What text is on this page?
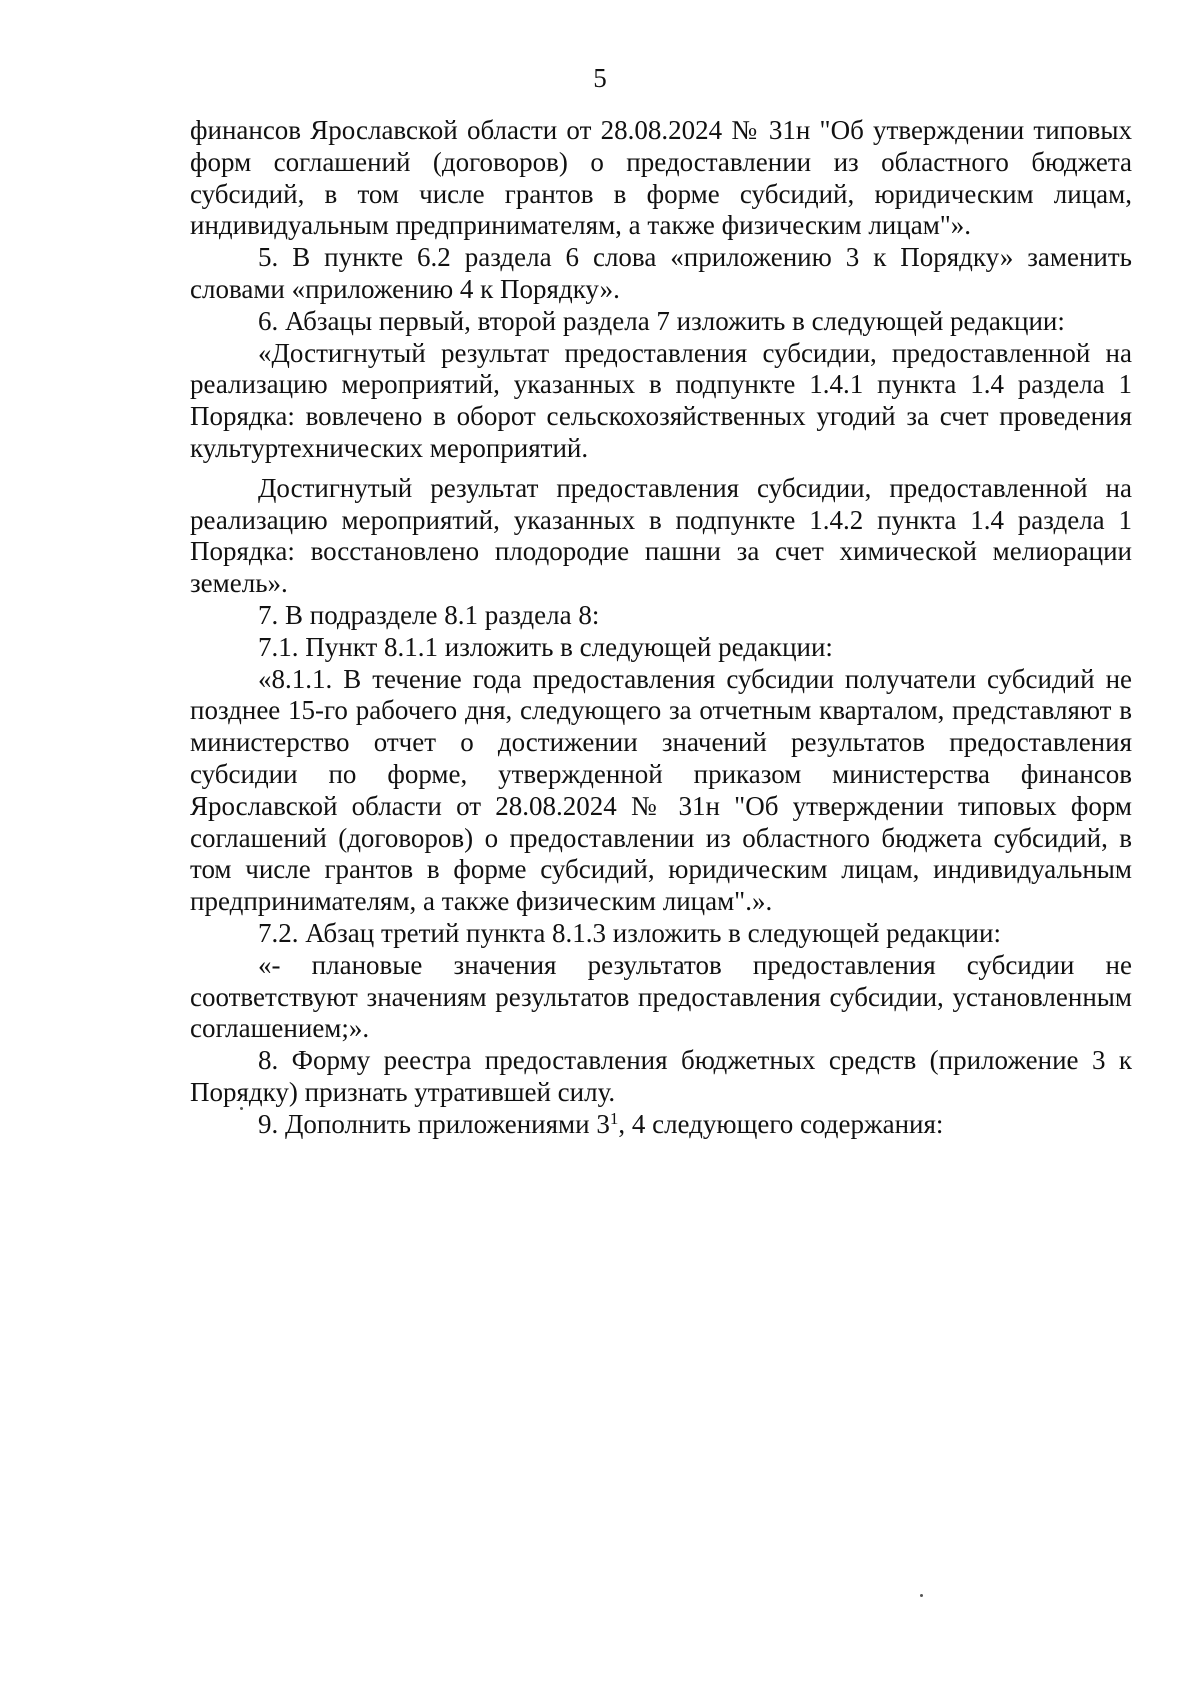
5

финансов Ярославской области от 28.08.2024 № 31н "Об утверждении типовых форм соглашений (договоров) о предоставлении из областного бюджета субсидий, в том числе грантов в форме субсидий, юридическим лицам, индивидуальным предпринимателям, а также физическим лицам"».

5. В пункте 6.2 раздела 6 слова «приложению 3 к Порядку» заменить словами «приложению 4 к Порядку».

6. Абзацы первый, второй раздела 7 изложить в следующей редакции:

«Достигнутый результат предоставления субсидии, предоставленной на реализацию мероприятий, указанных в подпункте 1.4.1 пункта 1.4 раздела 1 Порядка: вовлечено в оборот сельскохозяйственных угодий за счет проведения культуртехнических мероприятий.

Достигнутый результат предоставления субсидии, предоставленной на реализацию мероприятий, указанных в подпункте 1.4.2 пункта 1.4 раздела 1 Порядка: восстановлено плодородие пашни за счет химической мелиорации земель».

7. В подразделе 8.1 раздела 8:

7.1. Пункт 8.1.1 изложить в следующей редакции:

«8.1.1. В течение года предоставления субсидии получатели субсидий не позднее 15-го рабочего дня, следующего за отчетным кварталом, представляют в министерство отчет о достижении значений результатов предоставления субсидии по форме, утвержденной приказом министерства финансов Ярославской области от 28.08.2024 № 31н "Об утверждении типовых форм соглашений (договоров) о предоставлении из областного бюджета субсидий, в том числе грантов в форме субсидий, юридическим лицам, индивидуальным предпринимателям, а также физическим лицам".».

7.2. Абзац третий пункта 8.1.3 изложить в следующей редакции:

«- плановые значения результатов предоставления субсидии не соответствуют значениям результатов предоставления субсидии, установленным соглашением;».

8. Форму реестра предоставления бюджетных средств (приложение 3 к Порядку) признать утратившей силу.

9. Дополнить приложениями $3^1$, 4 следующего содержания:
